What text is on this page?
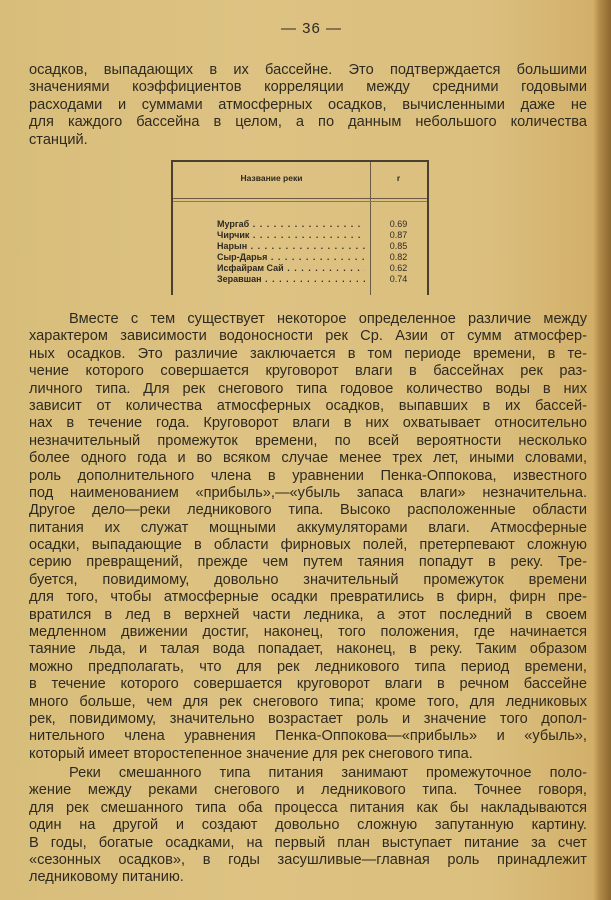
— 36 —
осадков, выпадающих в их бассейне. Это подтверждается большими
значениями коэффициентов корреляции между средними годовыми
расходами и суммами атмосферных осадков, вычисленными даже не
для каждого бассейна в целом, а по данным небольшого количества
станций.
Название реки	r
Мургаб . . .	0.69
Чирчик . . .	0.87
Нарын . . .	0.85
Сыр-Дарья . . .	0.82
Исфайрам Сай . . .	0.62
Зеравшан . . .	0.74
Вместе с тем существует некоторое определенное различие между
характером зависимости водоносности рек Ср. Азии от сумм атмосфер-
ных осадков. Это различие заключается в том периоде времени, в те-
чение которого совершается круговорот влаги в бассейнах рек раз-
личного типа. Для рек снегового типа годовое количество воды в них
зависит от количества атмосферных осадков, выпавших в их бассей-
нах в течение года. Круговорот влаги в них охватывает относительно
незначительный промежуток времени, по всей вероятности несколько
более одного года и во всяком случае менее трех лет, иными словами,
роль дополнительного члена в уравнении Пенка-Оппокова, известного
под наименованием «прибыль»,—«убыль запаса влаги» незначительна.
Другое дело—реки ледникового типа. Высоко расположенные области
питания их служат мощными аккумуляторами влаги. Атмосферные
осадки, выпадающие в области фирновых полей, претерпевают сложную
серию превращений, прежде чем путем таяния попадут в реку. Тре-
буется, повидимому, довольно значительный промежуток времени
для того, чтобы атмосферные осадки превратились в фирн, фирн пре-
вратился в лед в верхней части ледника, а этот последний в своем
медленном движении достиг, наконец, того положения, где начинается
таяние льда, и талая вода попадает, наконец, в реку. Таким образом
можно предполагать, что для рек ледникового типа период времени,
в течение которого совершается круговорот влаги в речном бассейне
много больше, чем для рек снегового типа; кроме того, для ледниковых
рек, повидимому, значительно возрастает роль и значение того допол-
нительного члена уравнения Пенка-Оппокова—«прибыль» и «убыль»,
который имеет второстепенное значение для рек снегового типа.
Реки смешанного типа питания занимают промежуточное поло-
жение между реками снегового и ледникового типа. Точнее говоря,
для рек смешанного типа оба процесса питания как бы накладываются
один на другой и создают довольно сложную запутанную картину.
В годы, богатые осадками, на первый план выступает питание за счет
«сезонных осадков», в годы засушливые—главная роль принадлежит
ледниковому питанию.
